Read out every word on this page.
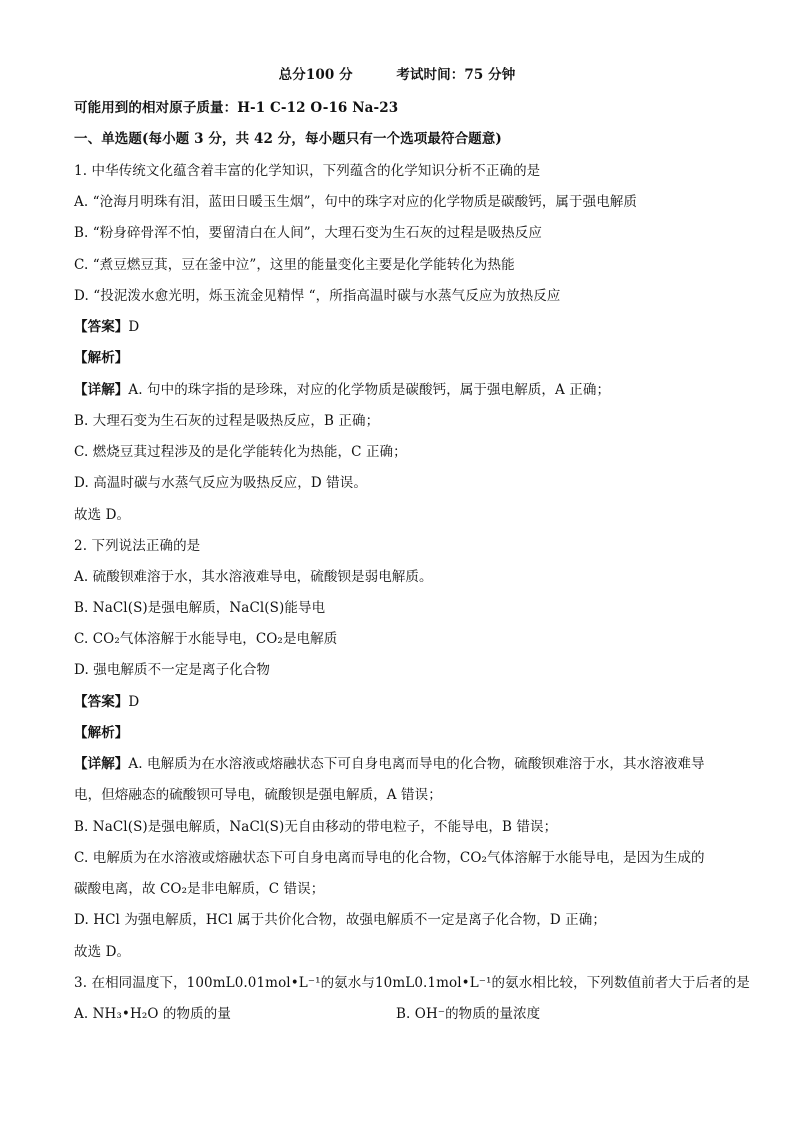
总分100 分	考试时间：75 分钟
可能用到的相对原子质量：H-1 C-12 O-16 Na-23
一、单选题(每小题 3 分，共 42 分，每小题只有一个选项最符合题意)
1. 中华传统文化蕴含着丰富的化学知识，下列蕴含的化学知识分析不正确的是
A. “沧海月明珠有泪，蓝田日暖玉生烟”，句中的珠字对应的化学物质是碳酸钙，属于强电解质
B. “粉身碎骨浑不怕，要留清白在人间”，大理石变为生石灰的过程是吸热反应
C. “煮豆燃豆萁，豆在釜中泣”，这里的能量变化主要是化学能转化为热能
D. “投泥泼水愈光明，烁玉流金见精悍 “，所指高温时碳与水蒸气反应为放热反应
【答案】D
【解析】
【详解】A. 句中的珠字指的是珍珠，对应的化学物质是碳酸钙，属于强电解质，A 正确；
B. 大理石变为生石灰的过程是吸热反应，B 正确；
C. 燃烧豆萁过程涉及的是化学能转化为热能，C 正确；
D. 高温时碳与水蒸气反应为吸热反应，D 错误。
故选 D。
2. 下列说法正确的是
A. 硫酸钡难溶于水，其水溶液难导电，硫酸钡是弱电解质。
B. NaCl(S)是强电解质，NaCl(S)能导电
C. CO₂气体溶解于水能导电，CO₂是电解质
D. 强电解质不一定是离子化合物
【答案】D
【解析】
【详解】A. 电解质为在水溶液或熔融状态下可自身电离而导电的化合物，硫酸钡难溶于水，其水溶液难导
电，但熔融态的硫酸钡可导电，硫酸钡是强电解质，A 错误；
B. NaCl(S)是强电解质，NaCl(S)无自由移动的带电粒子，不能导电，B 错误；
C. 电解质为在水溶液或熔融状态下可自身电离而导电的化合物，CO₂气体溶解于水能导电，是因为生成的
碳酸电离，故 CO₂是非电解质，C 错误；
D. HCl 为强电解质，HCl 属于共价化合物，故强电解质不一定是离子化合物，D 正确；
故选 D。
3. 在相同温度下，100mL0.01mol•L⁻¹的氨水与10mL0.1mol•L⁻¹的氨水相比较，下列数值前者大于后者的是
A. NH₃•H₂O 的物质的量	B. OH⁻的物质的量浓度
